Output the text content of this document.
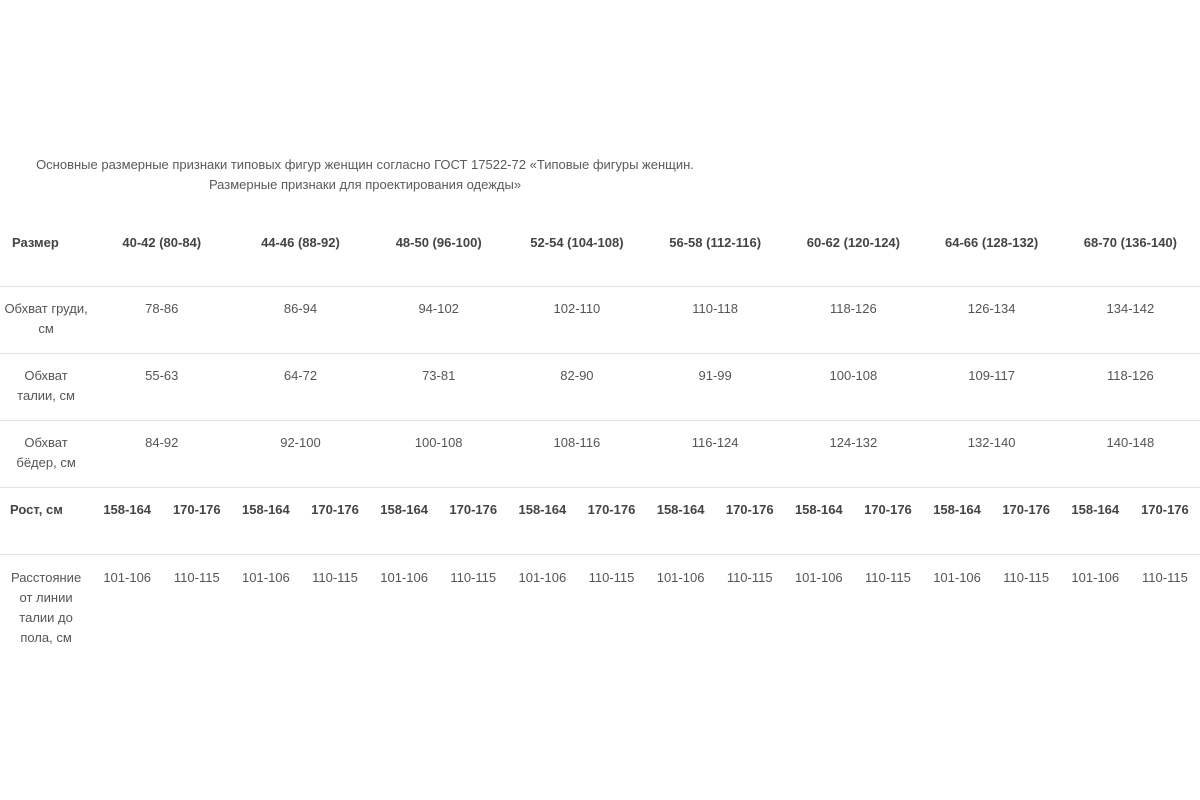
Основные размерные признаки типовых фигур женщин согласно ГОСТ 17522-72 «Типовые фигуры женщин.
Размерные признаки для проектирования одежды»
Размер	40-42 (80-84)		44-46 (88-92)		48-50 (96-100)		52-54 (104-108)		56-58 (112-116)		60-62 (120-124)		64-66 (128-132)		68-70 (136-140)	
Обхват груди, см	78-86		86-94		94-102		102-110		110-118		118-126		126-134		134-142	
Обхват талии, см	55-63		64-72		73-81		82-90		91-99		100-108		109-117		118-126	
Обхват бёдер, см	84-92		92-100		100-108		108-116		116-124		124-132		132-140		140-148	
Рост, см	158-164	170-176	158-164	170-176	158-164	170-176	158-164	170-176	158-164	170-176	158-164	170-176	158-164	170-176	158-164	170-176
Расстояние от линии талии до пола, см	101-106	110-115	101-106	110-115	101-106	110-115	101-106	110-115	101-106	110-115	101-106	110-115	101-106	110-115	101-106	110-115
